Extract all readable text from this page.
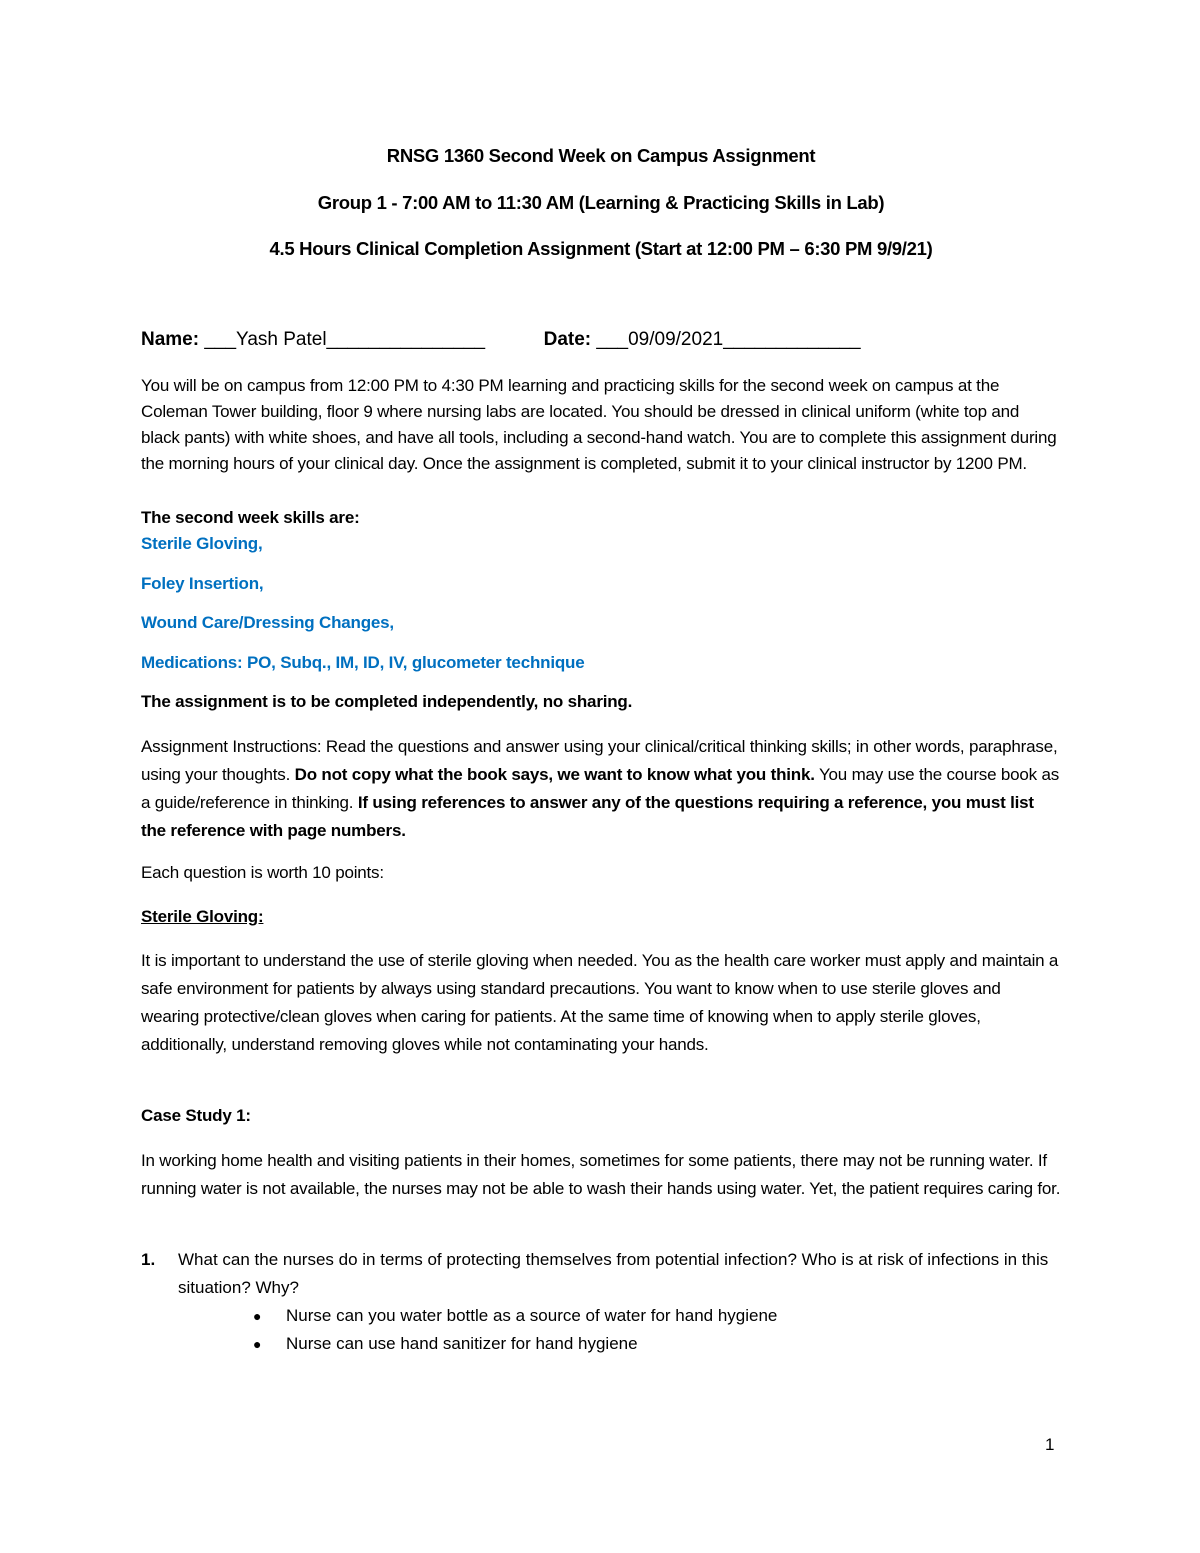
RNSG 1360 Second Week on Campus Assignment
Group 1 - 7:00 AM to 11:30 AM (Learning & Practicing Skills in Lab)
4.5 Hours Clinical Completion Assignment (Start at 12:00 PM – 6:30 PM 9/9/21)
Name: ___Yash Patel_______________	Date: ___09/09/2021_____________
You will be on campus from 12:00 PM to 4:30 PM learning and practicing skills for the second week on campus at the Coleman Tower building, floor 9 where nursing labs are located. You should be dressed in clinical uniform (white top and black pants) with white shoes, and have all tools, including a second-hand watch. You are to complete this assignment during the morning hours of your clinical day. Once the assignment is completed, submit it to your clinical instructor by 1200 PM.
The second week skills are:
Sterile Gloving,
Foley Insertion,
Wound Care/Dressing Changes,
Medications: PO, Subq., IM, ID, IV, glucometer technique
The assignment is to be completed independently, no sharing.
Assignment Instructions: Read the questions and answer using your clinical/critical thinking skills; in other words, paraphrase, using your thoughts. Do not copy what the book says, we want to know what you think. You may use the course book as a guide/reference in thinking. If using references to answer any of the questions requiring a reference, you must list the reference with page numbers.
Each question is worth 10 points:
Sterile Gloving:
It is important to understand the use of sterile gloving when needed. You as the health care worker must apply and maintain a safe environment for patients by always using standard precautions. You want to know when to use sterile gloves and wearing protective/clean gloves when caring for patients. At the same time of knowing when to apply sterile gloves, additionally, understand removing gloves while not contaminating your hands.
Case Study 1:
In working home health and visiting patients in their homes, sometimes for some patients, there may not be running water. If running water is not available, the nurses may not be able to wash their hands using water. Yet, the patient requires caring for.
1. What can the nurses do in terms of protecting themselves from potential infection? Who is at risk of infections in this situation? Why?
● Nurse can you water bottle as a source of water for hand hygiene
● Nurse can use hand sanitizer for hand hygiene
1
